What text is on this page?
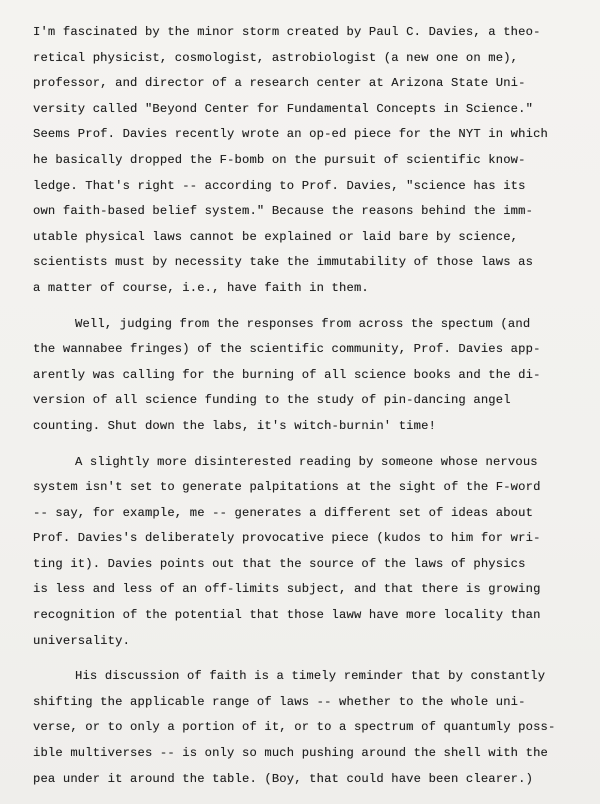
I'm fascinated by the minor storm created by Paul C. Davies, a theo-
retical physicist, cosmologist, astrobiologist (a new one on me),
professor, and director of a research center at Arizona State Uni-
versity called "Beyond Center for Fundamental Concepts in Science."
Seems Prof. Davies recently wrote an op-ed piece for the NYT in which
he basically dropped the F-bomb on the pursuit of scientific know-
ledge. That's right -- according to Prof. Davies, "science has its
own faith-based belief system." Because the reasons behind the imm-
utable physical laws cannot be explained or laid bare by science,
scientists must by necessity take the immutability of those laws as
a matter of course, i.e., have faith in them.
Well, judging from the responses from across the spectum (and
the wannabee fringes) of the scientific community, Prof. Davies app-
arently was calling for the burning of all science books and the di-
version of all science funding to the study of pin-dancing angel
counting. Shut down the labs, it's witch-burnin' time!
A slightly more disinterested reading by someone whose nervous
system isn't set to generate palpitations at the sight of the F-word
-- say, for example, me -- generates a different set of ideas about
Prof. Davies's deliberately provocative piece (kudos to him for wri-
ting it). Davies points out that the source of the laws of physics
is less and less of an off-limits subject, and that there is growing
recognition of the potential that those laww have more locality than
universality.
His discussion of faith is a timely reminder that by constantly
shifting the applicable range of laws -- whether to the whole uni-
verse, or to only a portion of it, or to a spectrum of quantumly poss-
ible multiverses -- is only so much pushing around the shell with the
pea under it around the table. (Boy, that could have been clearer.)
